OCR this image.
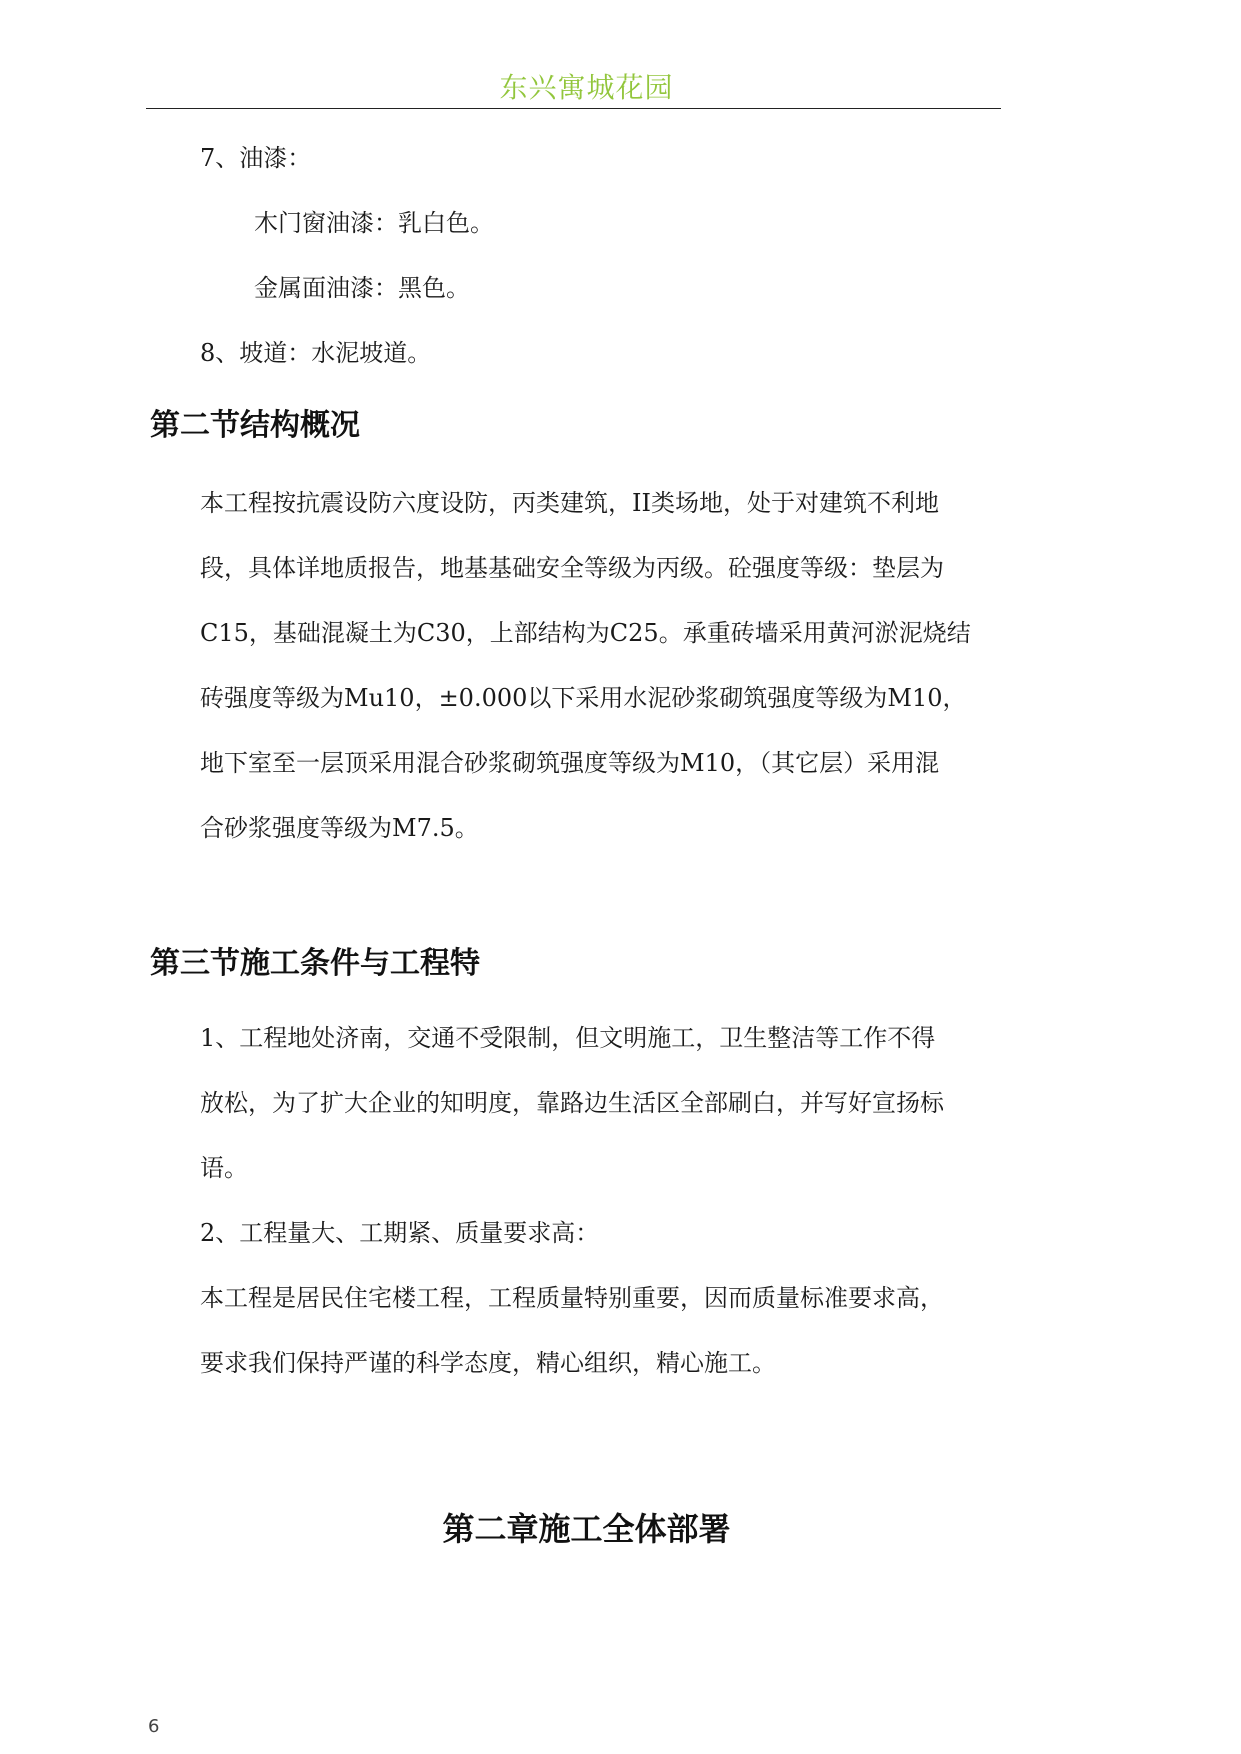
东兴寓城花园
7、油漆：
木门窗油漆：乳白色。
金属面油漆：黑色。
8、坡道：水泥坡道。
第二节结构概况
本工程按抗震设防六度设防，丙类建筑，II类场地，处于对建筑不利地
段，具体详地质报告，地基基础安全等级为丙级。砼强度等级：垫层为
C15，基础混凝土为C30，上部结构为C25。承重砖墙采用黄河淤泥烧结
砖强度等级为Mu10，±0.000以下采用水泥砂浆砌筑强度等级为M10，
地下室至一层顶采用混合砂浆砌筑强度等级为M10，（其它层）采用混
合砂浆强度等级为M7.5。
第三节施工条件与工程特
1、工程地处济南，交通不受限制，但文明施工，卫生整洁等工作不得
放松，为了扩大企业的知明度，靠路边生活区全部刷白，并写好宣扬标
语。
2、工程量大、工期紧、质量要求高：
本工程是居民住宅楼工程，工程质量特别重要，因而质量标准要求高，
要求我们保持严谨的科学态度，精心组织，精心施工。
第二章施工全体部署
6
